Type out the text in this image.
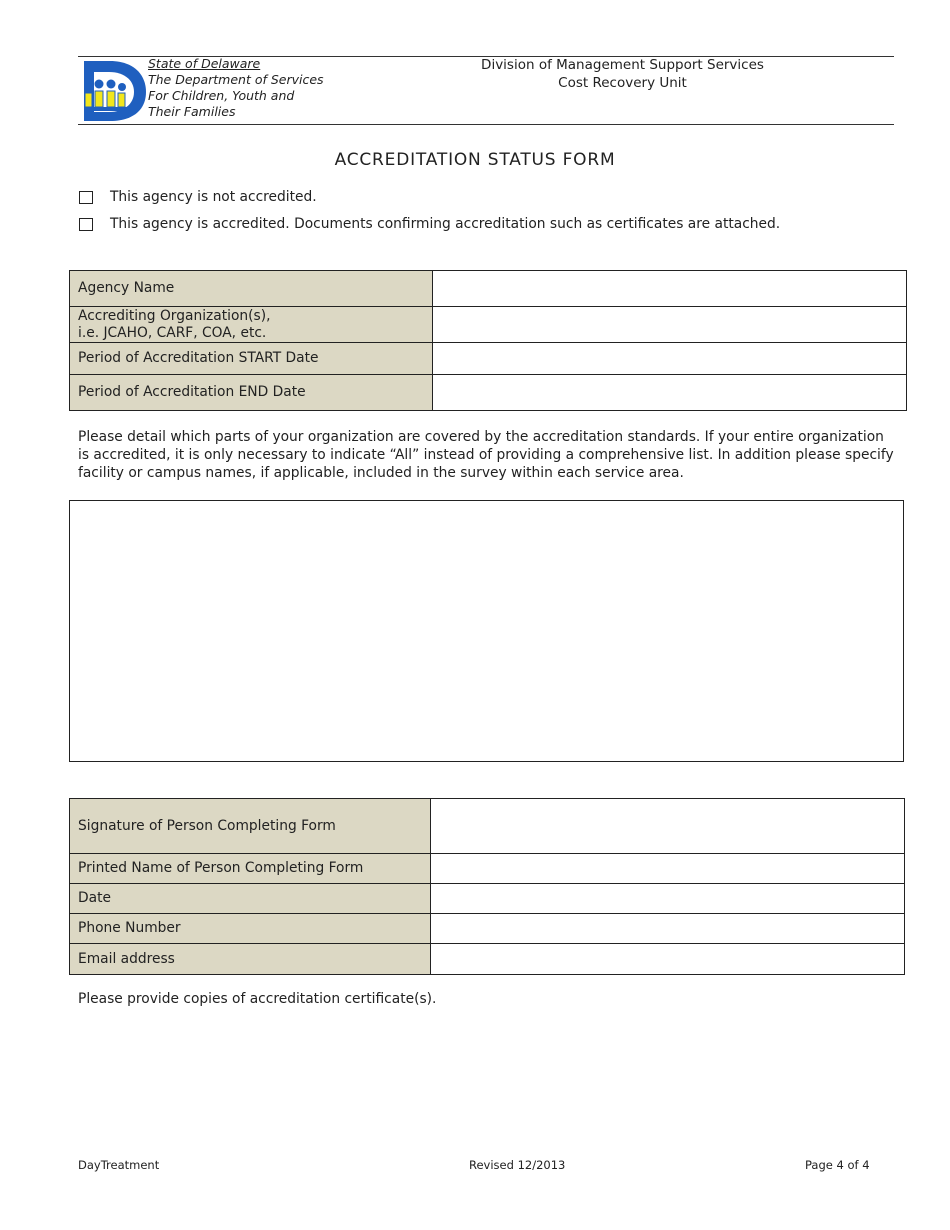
State of Delaware
The Department of Services
For Children, Youth and
Their Families
Division of Management Support Services
Cost Recovery Unit
ACCREDITATION STATUS FORM
This agency is not accredited.
This agency is accredited. Documents confirming accreditation such as certificates are attached.
Agency Name	

Accrediting Organization(s),
i.e. JCAHO, CARF, COA, etc.	

Period of Accreditation START Date	
Period of Accreditation END Date	
Please detail which parts of your organization are covered by the accreditation standards. If your entire organization is accredited, it is only necessary to indicate “All” instead of providing a comprehensive list. In addition please specify facility or campus names, if applicable, included in the survey within each service area.
Signature of Person Completing Form	
Printed Name of Person Completing Form	
Date	
Phone Number	
Email address	
Please provide copies of accreditation certificate(s).
DayTreatment	Revised 12/2013	Page 4 of 4
